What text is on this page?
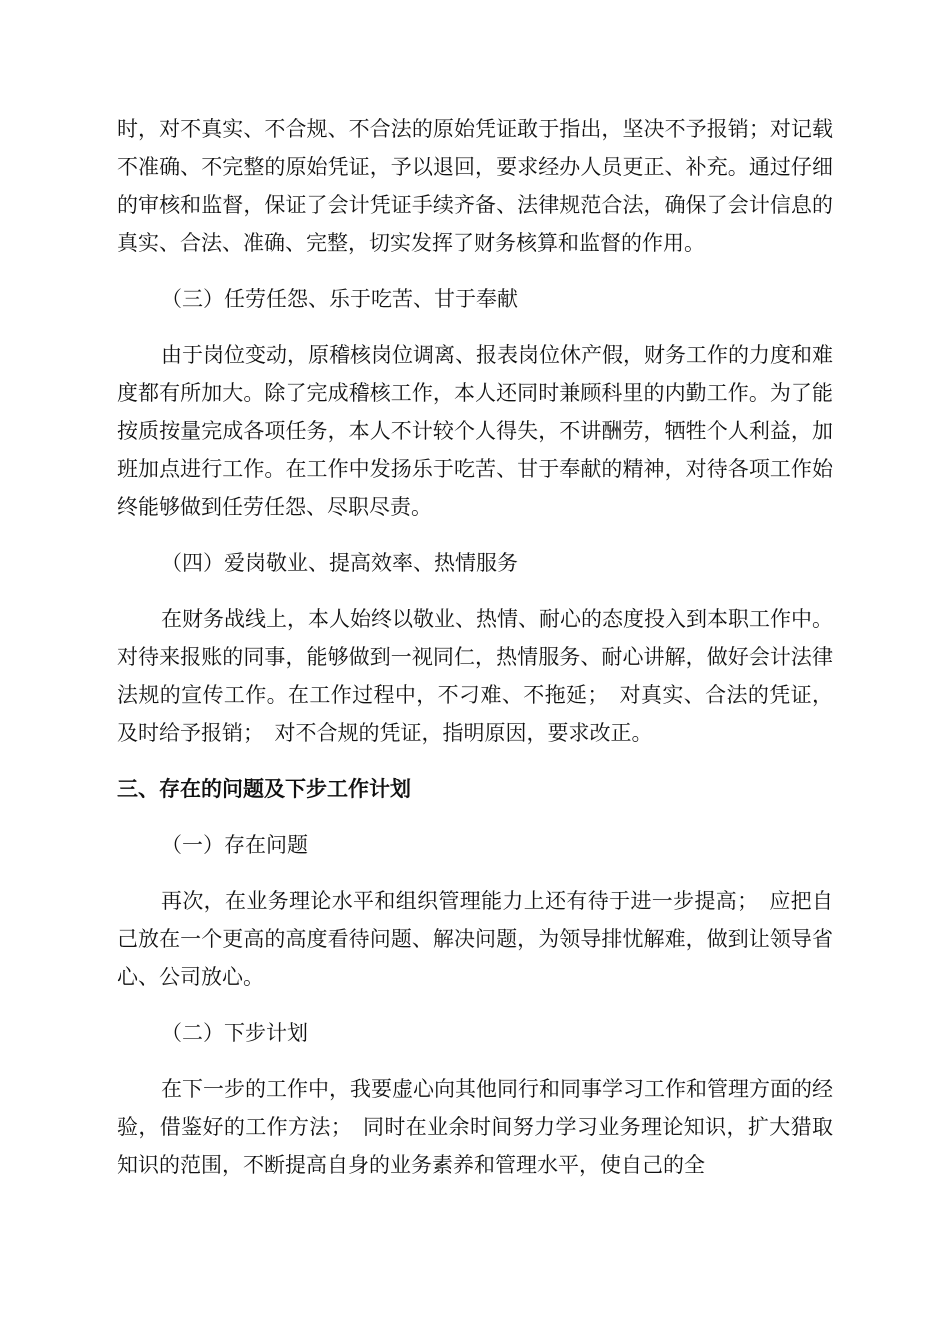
时，对不真实、不合规、不合法的原始凭证敢于指出，坚决不予报销；对记载不准确、不完整的原始凭证，予以退回，要求经办人员更正、补充。通过仔细的审核和监督，保证了会计凭证手续齐备、法律规范合法，确保了会计信息的真实、合法、准确、完整，切实发挥了财务核算和监督的作用。

（三）任劳任怨、乐于吃苦、甘于奉献

由于岗位变动，原稽核岗位调离、报表岗位休产假，财务工作的力度和难度都有所加大。除了完成稽核工作，本人还同时兼顾科里的内勤工作。为了能按质按量完成各项任务，本人不计较个人得失，不讲酬劳，牺牲个人利益，加班加点进行工作。在工作中发扬乐于吃苦、甘于奉献的精神，对待各项工作始终能够做到任劳任怨、尽职尽责。

（四）爱岗敬业、提高效率、热情服务

在财务战线上，本人始终以敬业、热情、耐心的态度投入到本职工作中。对待来报账的同事，能够做到一视同仁，热情服务、耐心讲解，做好会计法律法规的宣传工作。在工作过程中，不刁难、不拖延；　对真实、合法的凭证，及时给予报销；　对不合规的凭证，指明原因，要求改正。

三、存在的问题及下步工作计划

（一）存在问题

再次，在业务理论水平和组织管理能力上还有待于进一步提高；　应把自己放在一个更高的高度看待问题、解决问题，为领导排忧解难，做到让领导省心、公司放心。

（二）下步计划

在下一步的工作中，我要虚心向其他同行和同事学习工作和管理方面的经验，借鉴好的工作方法；　同时在业余时间努力学习业务理论知识，扩大猎取知识的范围，不断提高自身的业务素养和管理水平，使自己的全
